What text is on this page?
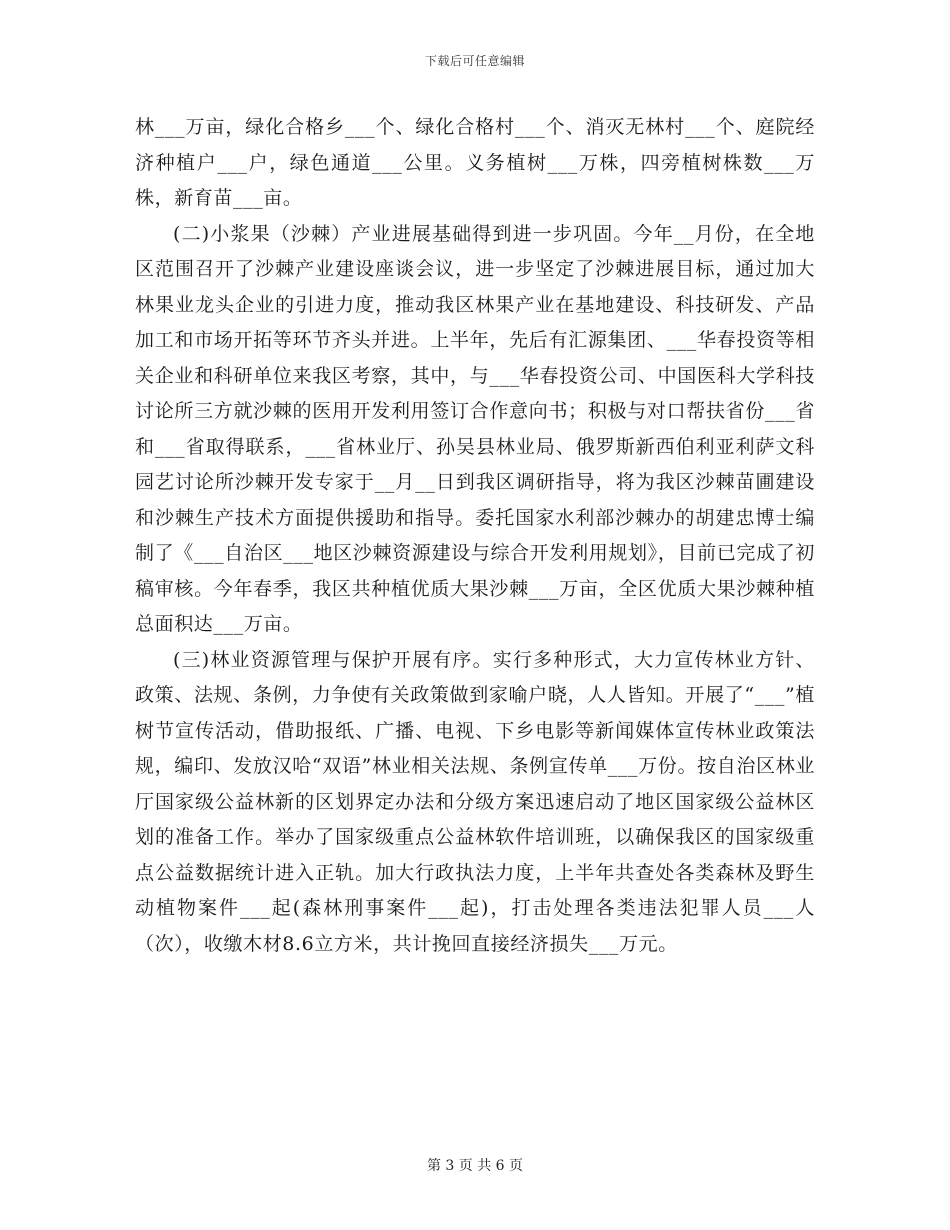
下载后可任意编辑

林___万亩，绿化合格乡___个、绿化合格村___个、消灭无林村___个、庭院经济种植户___户，绿色通道___公里。义务植树___万株，四旁植树株数___万株，新育苗___亩。

(二)小浆果（沙棘）产业进展基础得到进一步巩固。今年__月份，在全地区范围召开了沙棘产业建设座谈会议，进一步坚定了沙棘进展目标，通过加大林果业龙头企业的引进力度，推动我区林果产业在基地建设、科技研发、产品加工和市场开拓等环节齐头并进。上半年，先后有汇源集团、___华春投资等相关企业和科研单位来我区考察，其中，与___华春投资公司、中国医科大学科技讨论所三方就沙棘的医用开发利用签订合作意向书；积极与对口帮扶省份___省和___省取得联系，___省林业厅、孙吴县林业局、俄罗斯新西伯利亚利萨文科园艺讨论所沙棘开发专家于__月__日到我区调研指导，将为我区沙棘苗圃建设和沙棘生产技术方面提供援助和指导。委托国家水利部沙棘办的胡建忠博士编制了《___自治区___地区沙棘资源建设与综合开发利用规划》，目前已完成了初稿审核。今年春季，我区共种植优质大果沙棘___万亩，全区优质大果沙棘种植总面积达___万亩。

(三)林业资源管理与保护开展有序。实行多种形式，大力宣传林业方针、政策、法规、条例，力争使有关政策做到家喻户晓，人人皆知。开展了“___”植树节宣传活动，借助报纸、广播、电视、下乡电影等新闻媒体宣传林业政策法规，编印、发放汉哈“双语”林业相关法规、条例宣传单___万份。按自治区林业厅国家级公益林新的区划界定办法和分级方案迅速启动了地区国家级公益林区划的准备工作。举办了国家级重点公益林软件培训班，以确保我区的国家级重点公益数据统计进入正轨。加大行政执法力度，上半年共查处各类森林及野生动植物案件___起(森林刑事案件___起)，打击处理各类违法犯罪人员___人（次），收缴木材8.6立方米，共计挽回直接经济损失___万元。

第 3 页 共 6 页
